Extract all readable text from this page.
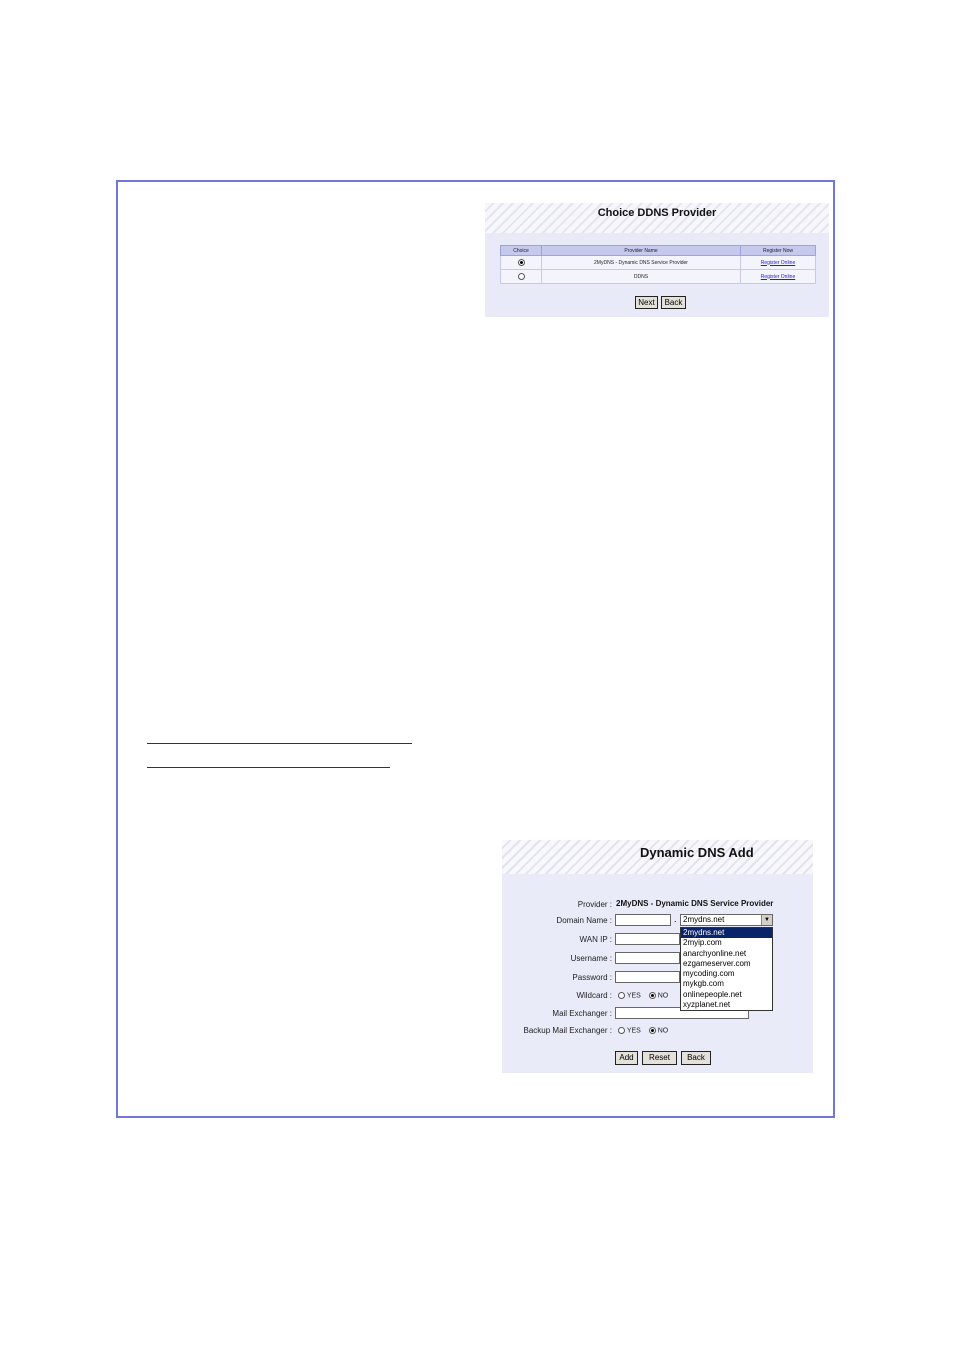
Choice DDNS Provider
Choice	Provider Name	Register Now
	2MyDNS - Dynamic DNS Service Provider	Register Online
	DDNS	Register Online
Next	Back
Dynamic DNS Add
Provider : 2MyDNS - Dynamic DNS Service Provider
Domain Name :	. 2mydns.net	▼
WAN IP :
Username :
Password :
Wildcard :	YES NO
Mail Exchanger :
Backup Mail Exchanger :	YES NO
2mydns.net
2myip.com
anarchyonline.net
ezgameserver.com
mycoding.com
mykgb.com
onlinepeople.net
xyzplanet.net
Add	Reset	Back
